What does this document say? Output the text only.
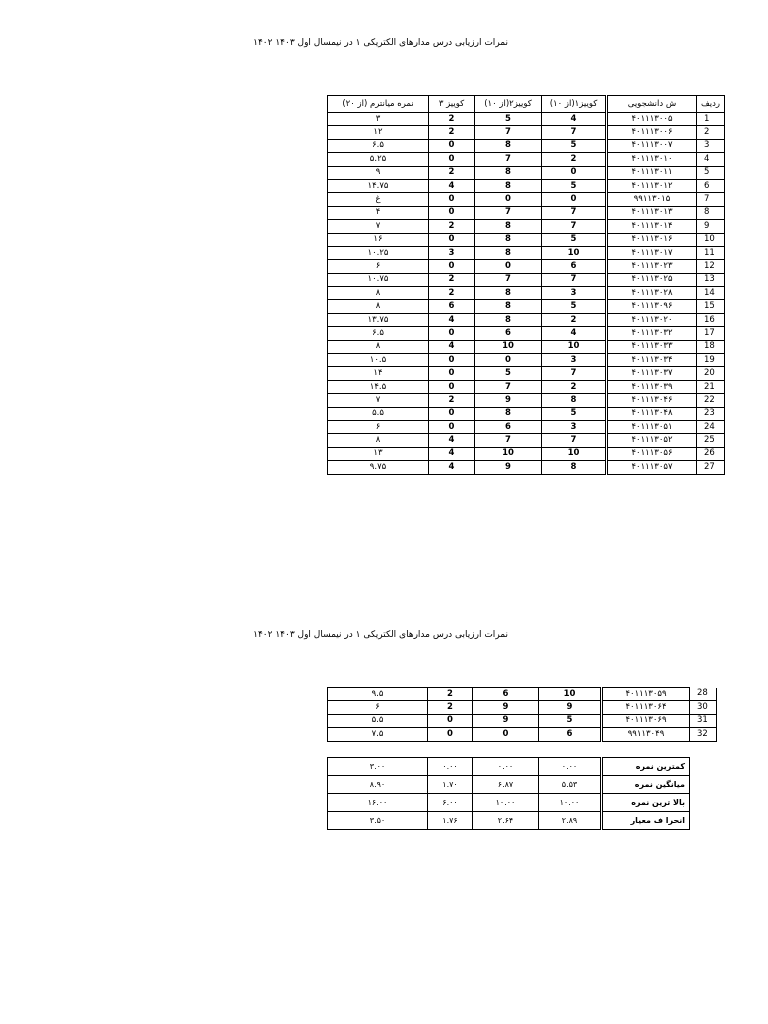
نمرات ارزیابی درس مدارهای الکتریکی ۱ در نیمسال اول ۱۴۰۳ ۱۴۰۲
نمره میانترم (از ۲۰)	کوییز ۳	کوییز۲(از ۱۰)	کوییز۱(از ۱۰)	ش دانشجویی	ردیف
۳	2	5	4	۴۰۱۱۱۳۰۰۵	1
۱۲	2	7	7	۴۰۱۱۱۳۰۰۶	2
۶.۵	0	8	5	۴۰۱۱۱۳۰۰۷	3
۵.۲۵	0	7	2	۴۰۱۱۱۳۰۱۰	4
۹	2	8	0	۴۰۱۱۱۳۰۱۱	5
۱۴.۷۵	4	8	5	۴۰۱۱۱۳۰۱۲	6
غ	0	0	0	۹۹۱۱۳۰۱۵	7
۴	0	7	7	۴۰۱۱۱۳۰۱۳	8
۷	2	8	7	۴۰۱۱۱۳۰۱۴	9
۱۶	0	8	5	۴۰۱۱۱۳۰۱۶	10
۱۰.۲۵	3	8	10	۴۰۱۱۱۳۰۱۷	11
۶	0	0	6	۴۰۱۱۱۳۰۲۳	12
۱۰.۷۵	2	7	7	۴۰۱۱۱۳۰۲۵	13
۸	2	8	3	۴۰۱۱۱۳۰۲۸	14
۸	6	8	5	۴۰۱۱۱۳۰۹۶	15
۱۳.۷۵	4	8	2	۴۰۱۱۱۳۰۲۰	16
۶.۵	0	6	4	۴۰۱۱۱۳۰۳۲	17
۸	4	10	10	۴۰۱۱۱۳۰۳۳	18
۱۰.۵	0	0	3	۴۰۱۱۱۳۰۳۴	19
۱۴	0	5	7	۴۰۱۱۱۳۰۳۷	20
۱۴.۵	0	7	2	۴۰۱۱۱۳۰۳۹	21
۷	2	9	8	۴۰۱۱۱۳۰۴۶	22
۵.۵	0	8	5	۴۰۱۱۱۳۰۴۸	23
۶	0	6	3	۴۰۱۱۱۳۰۵۱	24
۸	4	7	7	۴۰۱۱۱۳۰۵۲	25
۱۳	4	10	10	۴۰۱۱۱۳۰۵۶	26
۹.۷۵	4	9	8	۴۰۱۱۱۳۰۵۷	27
نمرات ارزیابی درس مدارهای الکتریکی ۱ در نیمسال اول ۱۴۰۳ ۱۴۰۲
۹.۵	2	6	10	۴۰۱۱۱۳۰۵۹	28
۶	2	9	9	۴۰۱۱۱۳۰۶۴	30
۵.۵	0	9	5	۴۰۱۱۱۳۰۶۹	31
۷.۵	0	0	6	۹۹۱۱۳۰۴۹	32
۳.۰۰	۰.۰۰	۰.۰۰	۰.۰۰	کمترین نمره
۸.۹۰	۱.۷۰	۶.۸۷	۵.۵۳	میانگین نمره
۱۶.۰۰	۶.۰۰	۱۰.۰۰	۱۰.۰۰	بالا ترین نمره
۳.۵۰	۱.۷۶	۲.۶۴	۲.۸۹	انحرا ف معیار
